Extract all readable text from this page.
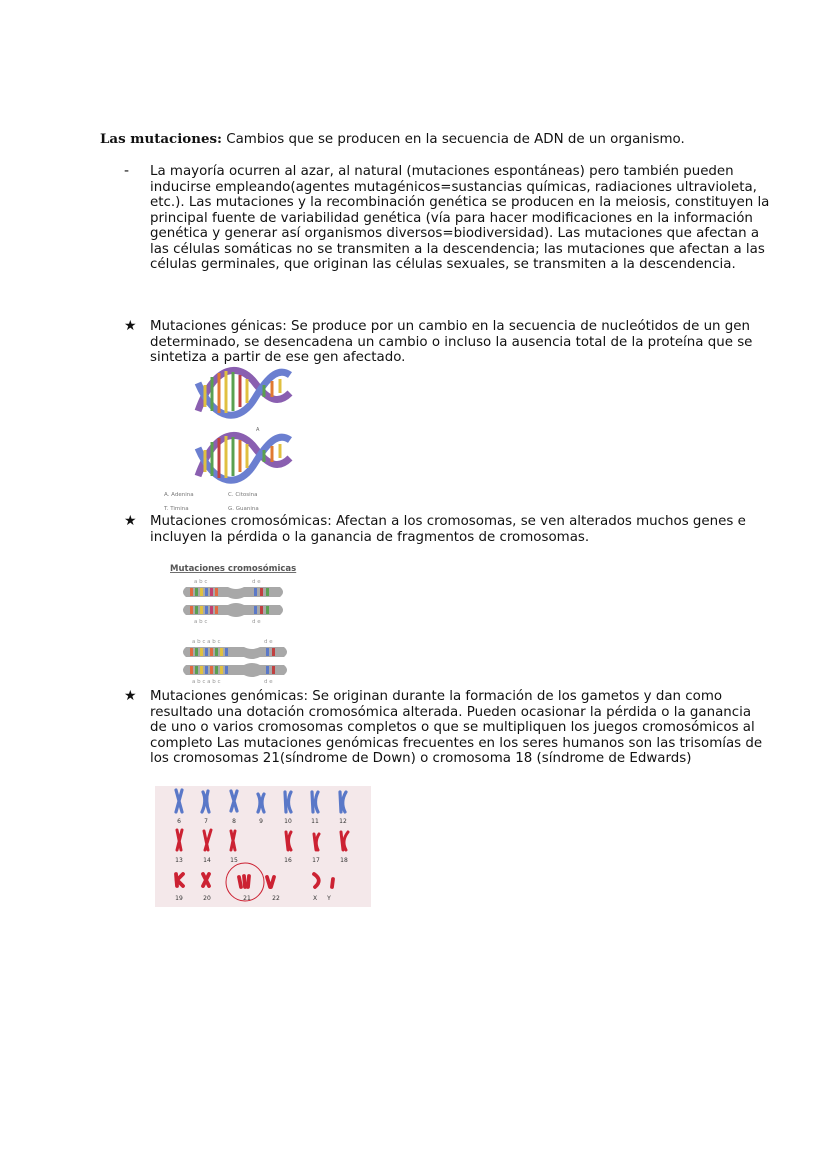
Las mutaciones: Cambios que se producen en la secuencia de ADN de un organismo.
- La mayoría ocurren al azar, al natural (mutaciones espontáneas) pero también pueden inducirse empleando(agentes mutagénicos=sustancias químicas, radiaciones ultravioleta, etc.). Las mutaciones y la recombinación genética se producen en la meiosis, constituyen la principal fuente de variabilidad genética (vía para hacer modificaciones en la información genética y generar así organismos diversos=biodiversidad). Las mutaciones que afectan a las células somáticas no se transmiten a la descendencia; las mutaciones que afectan a las células germinales, que originan las células sexuales, se transmiten a la descendencia.
★ Mutaciones génicas: Se produce por un cambio en la secuencia de nucleótidos de un gen determinado, se desencadena un cambio o incluso la ausencia total de la proteína que se sintetiza a partir de ese gen afectado.
A
A. Adenina	C. Citosina
T. Timina	G. Guanina
★ Mutaciones cromosómicas: Afectan a los cromosomas, se ven alterados muchos genes e incluyen la pérdida o la ganancia de fragmentos de cromosomas.
Mutaciones cromosómicas
a b c	d e
a b c	d e
a b c a b c	d e
a b c a b c	d e
★ Mutaciones genómicas: Se originan durante la formación de los gametos y dan como resultado una dotación cromosómica alterada. Pueden ocasionar la pérdida o la ganancia de uno o varios cromosomas completos o que se multipliquen los juegos cromosómicos al completo Las mutaciones genómicas frecuentes en los seres humanos son las trisomías de los cromosomas 21(síndrome de Down) o cromosoma 18 (síndrome de Edwards)
6	7	8	9	10	11	12
13	14	15	16	17	18
19	20	21	22	X Y
